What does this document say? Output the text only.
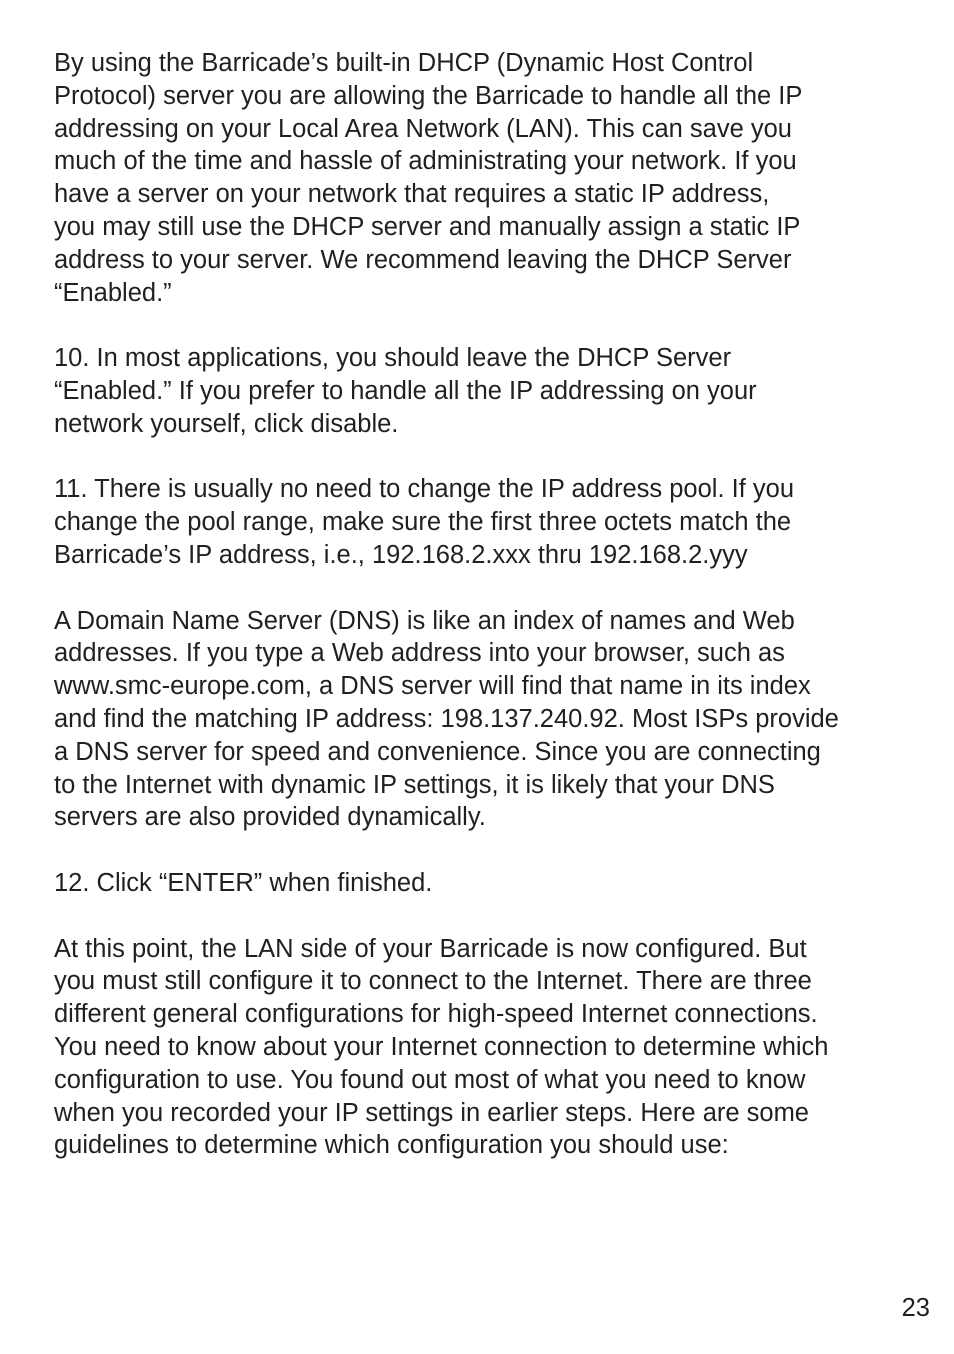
By using the Barricade’s built-in DHCP (Dynamic Host Control
Protocol) server you are allowing the Barricade to handle all the IP
addressing on your Local Area Network (LAN). This can save you
much of the time and hassle of administrating your network. If you
have a server on your network that requires a static IP address,
you may still use the DHCP server and manually assign a static IP
address to your server. We recommend leaving the DHCP Server
“Enabled.”

10. In most applications, you should leave the DHCP Server
“Enabled.” If you prefer to handle all the IP addressing on your
network yourself, click disable.

11. There is usually no need to change the IP address pool. If you
change the pool range, make sure the first three octets match the
Barricade’s IP address, i.e., 192.168.2.xxx thru 192.168.2.yyy

A Domain Name Server (DNS) is like an index of names and Web
addresses. If you type a Web address into your browser, such as
www.smc-europe.com, a DNS server will find that name in its index
and find the matching IP address: 198.137.240.92. Most ISPs provide
a DNS server for speed and convenience. Since you are connecting
to the Internet with dynamic IP settings, it is likely that your DNS
servers are also provided dynamically.

12. Click “ENTER” when finished.

At this point, the LAN side of your Barricade is now configured. But
you must still configure it to connect to the Internet. There are three
different general configurations for high-speed Internet connections.
You need to know about your Internet connection to determine which
configuration to use. You found out most of what you need to know
when you recorded your IP settings in earlier steps. Here are some
guidelines to determine which configuration you should use:

23
